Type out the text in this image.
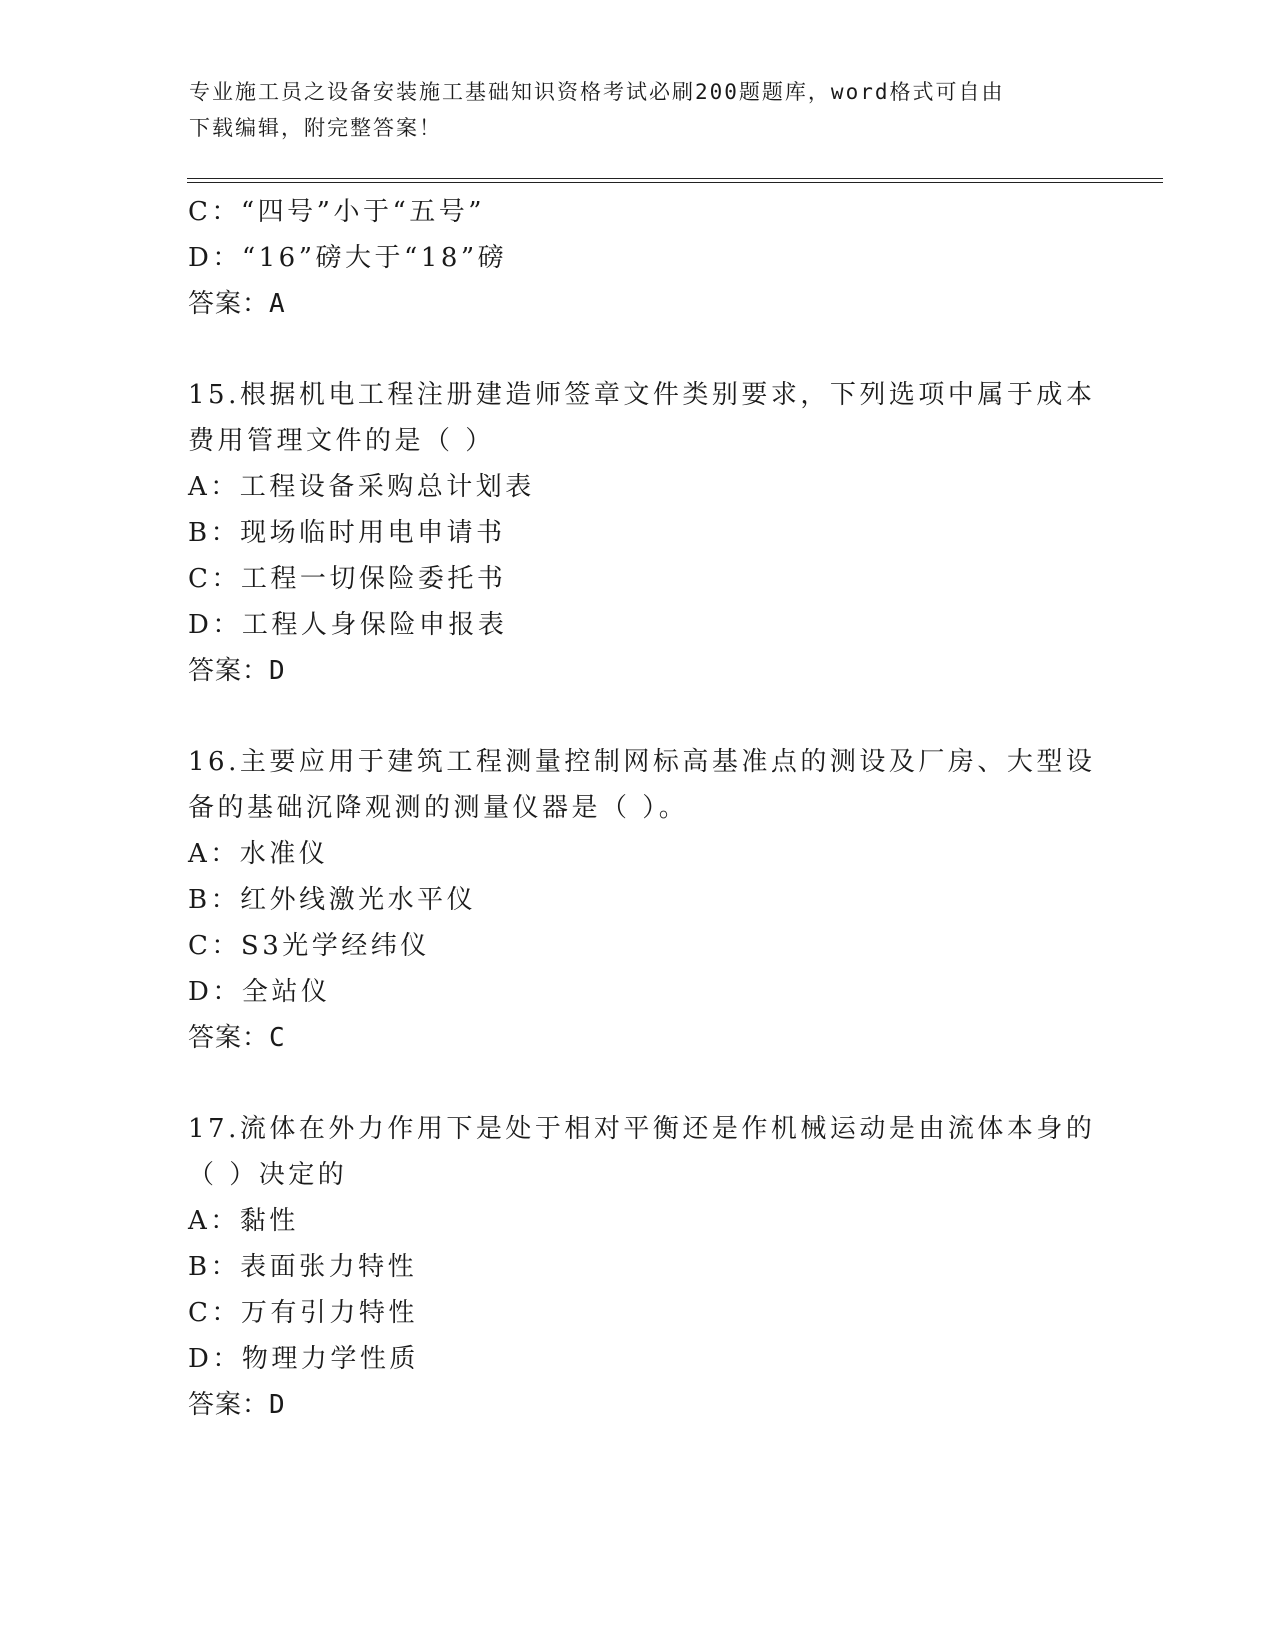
专业施工员之设备安装施工基础知识资格考试必刷200题题库，word格式可自由
下载编辑，附完整答案！
C：“四号”小于“五号”
D：“16”磅大于“18”磅
答案：A
15.根据机电工程注册建造师签章文件类别要求，下列选项中属于成本
费用管理文件的是（ ）
A：工程设备采购总计划表
B：现场临时用电申请书
C：工程一切保险委托书
D：工程人身保险申报表
答案：D
16.主要应用于建筑工程测量控制网标高基准点的测设及厂房、大型设
备的基础沉降观测的测量仪器是（ ）。
A：水准仪
B：红外线激光水平仪
C：S3光学经纬仪
D：全站仪
答案：C
17.流体在外力作用下是处于相对平衡还是作机械运动是由流体本身的
（ ）决定的
A：黏性
B：表面张力特性
C：万有引力特性
D：物理力学性质
答案：D
